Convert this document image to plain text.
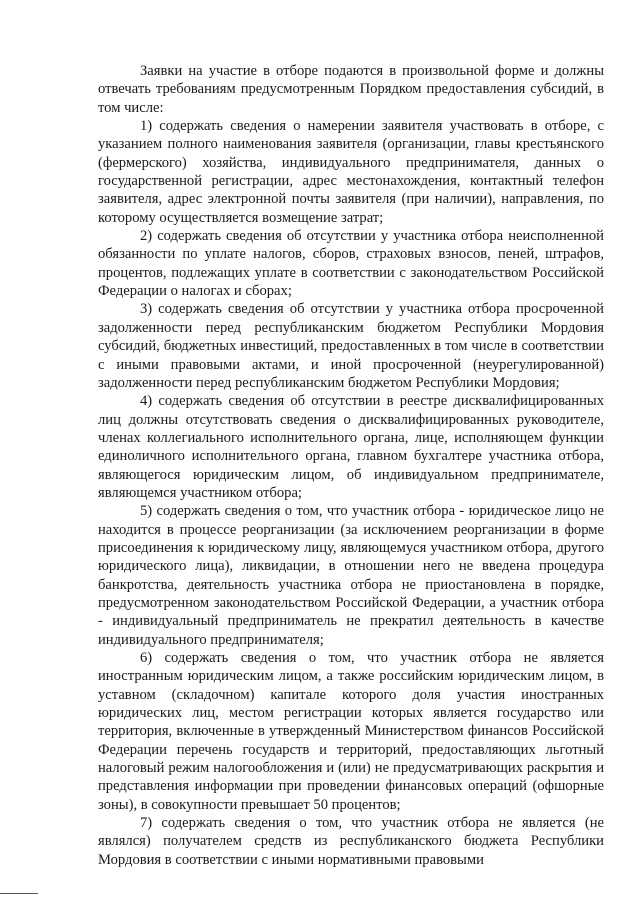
Заявки на участие в отборе подаются в произвольной форме и должны отвечать требованиям предусмотренным Порядком предоставления субсидий, в том числе:

1) содержать сведения о намерении заявителя участвовать в отборе, с указанием полного наименования заявителя (организации, главы крестьянского (фермерского) хозяйства, индивидуального предпринимателя, данных о государственной регистрации, адрес местонахождения, контактный телефон заявителя, адрес электронной почты заявителя (при наличии), направления, по которому осуществляется возмещение затрат;

2) содержать сведения об отсутствии у участника отбора неисполненной обязанности по уплате налогов, сборов, страховых взносов, пеней, штрафов, процентов, подлежащих уплате в соответствии с законодательством Российской Федерации о налогах и сборах;

3) содержать сведения об отсутствии у участника отбора просроченной задолженности перед республиканским бюджетом Республики Мордовия субсидий, бюджетных инвестиций, предоставленных в том числе в соответствии с иными правовыми актами, и иной просроченной (неурегулированной) задолженности перед республиканским бюджетом Республики Мордовия;

4) содержать сведения об отсутствии в реестре дисквалифицированных лиц должны отсутствовать сведения о дисквалифицированных руководителе, членах коллегиального исполнительного органа, лице, исполняющем функции единоличного исполнительного органа, главном бухгалтере участника отбора, являющегося юридическим лицом, об индивидуальном предпринимателе, являющемся участником отбора;

5) содержать сведения о том, что участник отбора - юридическое лицо не находится в процессе реорганизации (за исключением реорганизации в форме присоединения к юридическому лицу, являющемуся участником отбора, другого юридического лица), ликвидации, в отношении него не введена процедура банкротства, деятельность участника отбора не приостановлена в порядке, предусмотренном законодательством Российской Федерации, а участник отбора - индивидуальный предприниматель не прекратил деятельность в качестве индивидуального предпринимателя;

6) содержать сведения о том, что участник отбора не является иностранным юридическим лицом, а также российским юридическим лицом, в уставном (складочном) капитале которого доля участия иностранных юридических лиц, местом регистрации которых является государство или территория, включенные в утвержденный Министерством финансов Российской Федерации перечень государств и территорий, предоставляющих льготный налоговый режим налогообложения и (или) не предусматривающих раскрытия и представления информации при проведении финансовых операций (офшорные зоны), в совокупности превышает 50 процентов;

7) содержать сведения о том, что участник отбора не является (не являлся) получателем средств из республиканского бюджета Республики Мордовия в соответствии с иными нормативными правовыми
